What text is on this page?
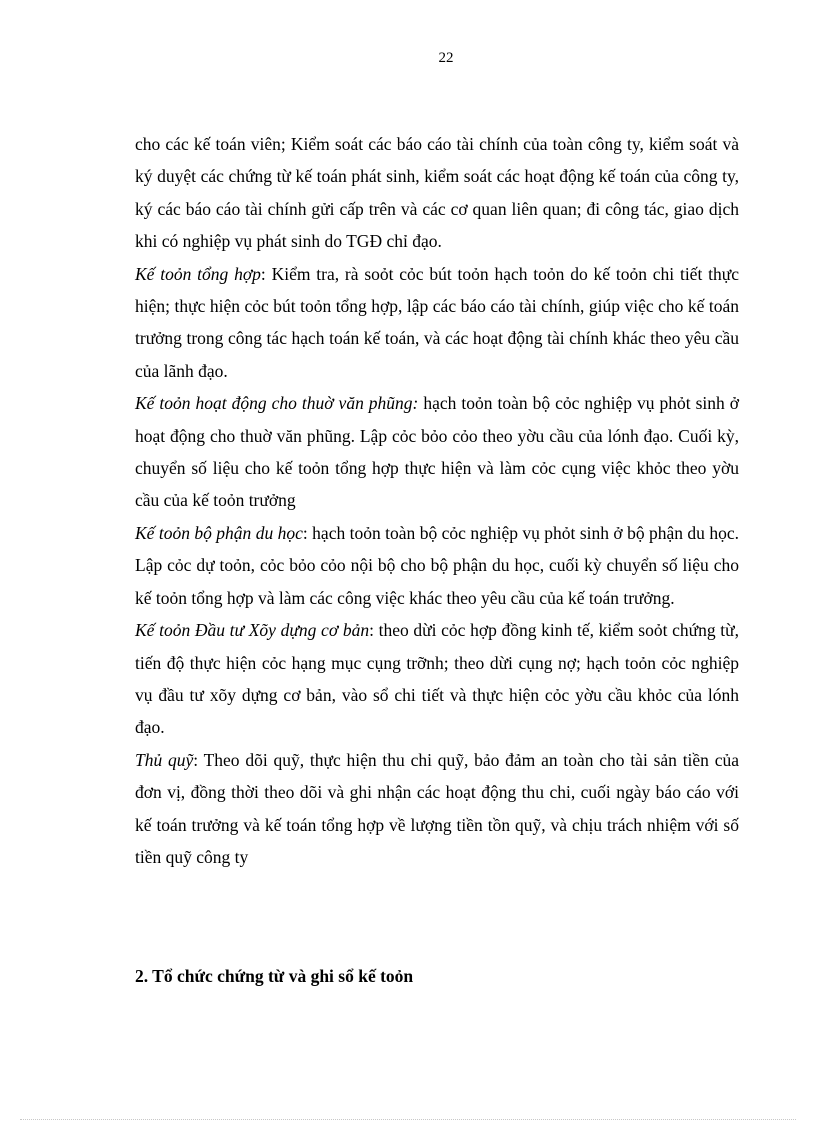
22

cho các kế toán viên; Kiểm soát các báo cáo tài chính của toàn công ty, kiểm soát và ký duyệt các chứng từ kế toán phát sinh, kiểm soát các hoạt động kế toán của công ty, ký các báo cáo tài chính gửi cấp trên và các cơ quan liên quan; đi công tác, giao dịch khi có nghiệp vụ phát sinh do TGĐ chỉ đạo.

Kế toỏn tổng hợp: Kiểm tra, rà soỏt cỏc bút toỏn hạch toỏn do kế toỏn chi tiết thực hiện; thực hiện cỏc bút toỏn tổng hợp, lập các báo cáo tài chính, giúp việc cho kế toán trưởng trong công tác hạch toán kế toán, và các hoạt động tài chính khác theo yêu cầu của lãnh đạo.

Kế toỏn hoạt động cho thuờ văn phũng: hạch toỏn toàn bộ cỏc nghiệp vụ phỏt sinh ở hoạt động cho thuờ văn phũng. Lập cỏc bỏo cỏo theo yờu cầu của lónh đạo. Cuối kỳ, chuyển số liệu cho kế toỏn tổng hợp thực hiện và làm cỏc cụng việc khỏc theo yờu cầu của kế toỏn trưởng

Kế toỏn bộ phận du học: hạch toỏn toàn bộ cỏc nghiệp vụ phỏt sinh ở bộ phận du học. Lập cỏc dự toỏn, cỏc bỏo cỏo nội bộ cho bộ phận du học, cuối kỳ chuyển số liệu cho kế toỏn tổng hợp và làm các công việc khác theo yêu cầu của kế toán trưởng.

Kế toỏn Đầu tư Xõy dựng cơ bản: theo dừi cỏc hợp đồng kinh tế, kiểm soỏt chứng từ, tiến độ thực hiện cỏc hạng mục cụng trỡnh; theo dừi cụng nợ; hạch toỏn cỏc nghiệp vụ đầu tư xõy dựng cơ bản, vào sổ chi tiết và thực hiện cỏc yờu cầu khỏc của lónh đạo.

Thủ quỹ: Theo dõi quỹ, thực hiện thu chi quỹ, bảo đảm an toàn cho tài sản tiền của đơn vị, đồng thời theo dõi và ghi nhận các hoạt động thu chi, cuối ngày báo cáo với kế toán trưởng và kế toán tổng hợp về lượng tiền tồn quỹ, và chịu trách nhiệm với số tiền quỹ công ty

2. Tổ chức chứng từ và ghi sổ kế toỏn
